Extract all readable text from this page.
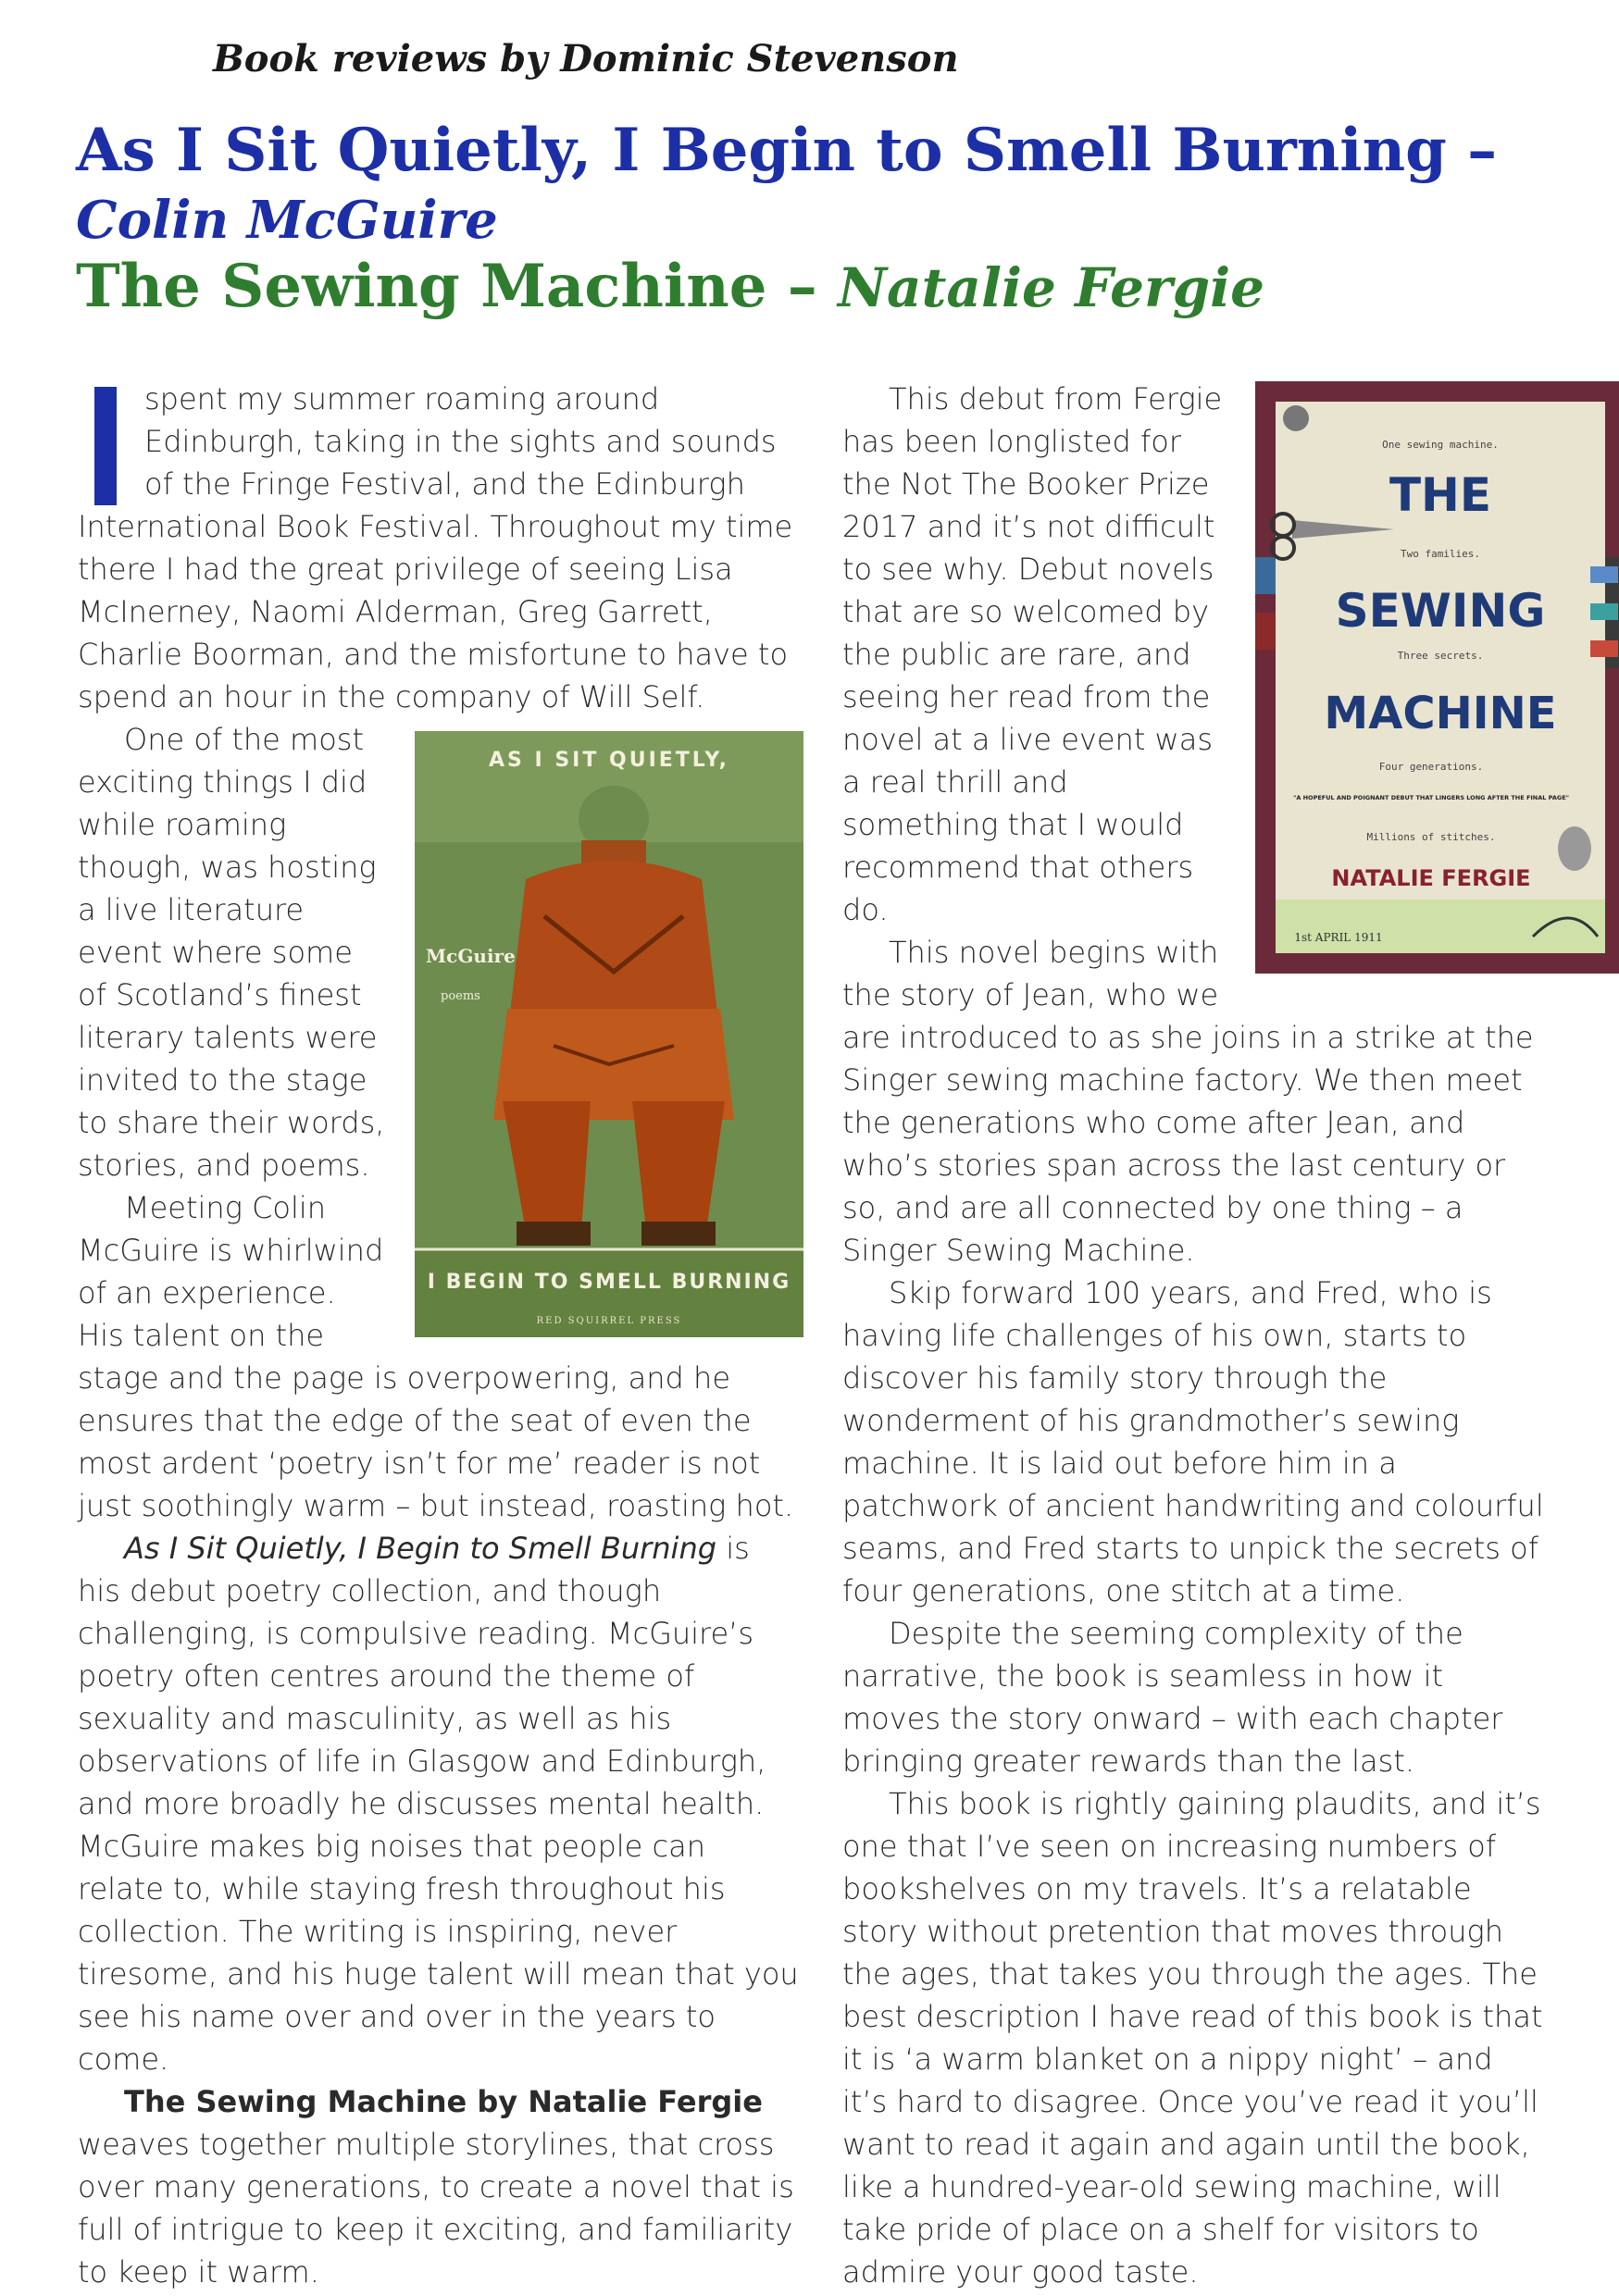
Book reviews by Dominic Stevenson
As I Sit Quietly, I Begin to Smell Burning –
Colin McGuire
The Sewing Machine – Natalie Fergie

spent my summer roaming around Edinburgh, taking in the sights and sounds of the Fringe Festival, and the Edinburgh International Book Festival. Throughout my time there I had the great privilege of seeing Lisa McInerney, Naomi Alderman, Greg Garrett, Charlie Boorman, and the misfortune to have to spend an hour in the company of Will Self.

AS I SIT QUIETLY,
McGuire
poems
I BEGIN TO SMELL BURNING
RED SQUIRREL PRESS

One of the most exciting things I did while roaming though, was hosting a live literature event where some of Scotland’s finest literary talents were invited to the stage to share their words, stories, and poems.

Meeting Colin McGuire is whirlwind of an experience. His talent on the stage and the page is overpowering, and he ensures that the edge of the seat of even the most ardent ‘poetry isn’t for me’ reader is not just soothingly warm – but instead, roasting hot.

As I Sit Quietly, I Begin to Smell Burning is his debut poetry collection, and though challenging, is compulsive reading. McGuire’s poetry often centres around the theme of sexuality and masculinity, as well as his observations of life in Glasgow and Edinburgh, and more broadly he discusses mental health. McGuire makes big noises that people can relate to, while staying fresh throughout his collection. The writing is inspiring, never tiresome, and his huge talent will mean that you see his name over and over in the years to come.

The Sewing Machine by Natalie Fergie weaves together multiple storylines, that cross over many generations, to create a novel that is full of intrigue to keep it exciting, and familiarity to keep it warm.

One sewing machine.
THE
Two families.
SEWING
Three secrets.
MACHINE
Four generations.
"A HOPEFUL AND POIGNANT DEBUT THAT LINGERS LONG AFTER THE FINAL PAGE"
Millions of stitches.
NATALIE FERGIE
1st APRIL 1911
This debut from Fergie has been longlisted for the Not The Booker Prize 2017 and it’s not difficult to see why. Debut novels that are so welcomed by the public are rare, and seeing her read from the novel at a live event was a real thrill and something that I would recommend that others do.

This novel begins with the story of Jean, who we are introduced to as she joins in a strike at the Singer sewing machine factory. We then meet the generations who come after Jean, and who’s stories span across the last century or so, and are all connected by one thing – a Singer Sewing Machine.

Skip forward 100 years, and Fred, who is having life challenges of his own, starts to discover his family story through the wonderment of his grandmother’s sewing machine. It is laid out before him in a patchwork of ancient handwriting and colourful seams, and Fred starts to unpick the secrets of four generations, one stitch at a time.

Despite the seeming complexity of the narrative, the book is seamless in how it moves the story onward – with each chapter bringing greater rewards than the last.

This book is rightly gaining plaudits, and it’s one that I’ve seen on increasing numbers of bookshelves on my travels. It’s a relatable story without pretention that moves through the ages, that takes you through the ages. The best description I have read of this book is that it is ‘a warm blanket on a nippy night’ – and it’s hard to disagree. Once you’ve read it you’ll want to read it again and again until the book, like a hundred-year-old sewing machine, will take pride of place on a shelf for visitors to admire your good taste.
